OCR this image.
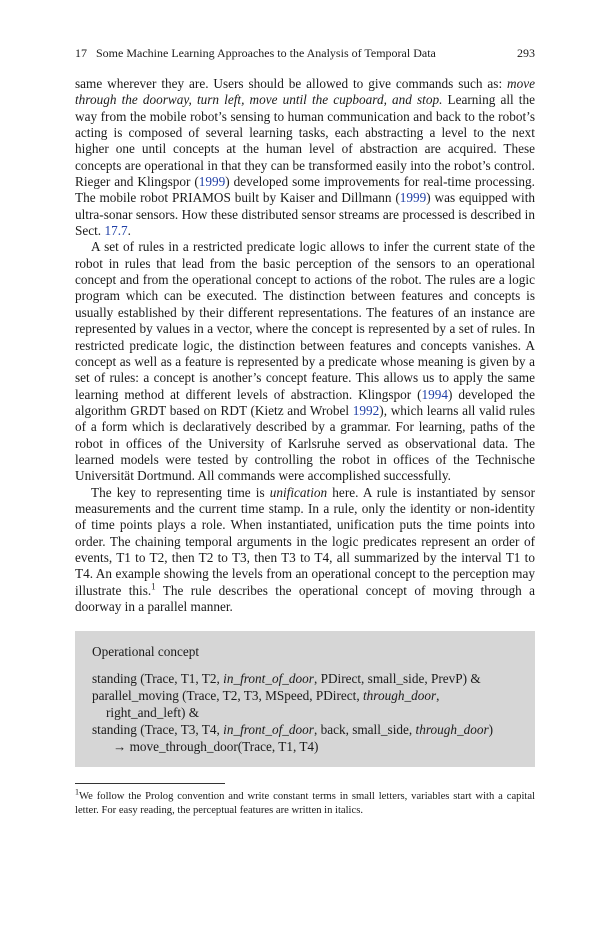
17 Some Machine Learning Approaches to the Analysis of Temporal Data	293

same wherever they are. Users should be allowed to give commands such as: move through the doorway, turn left, move until the cupboard, and stop. Learning all the way from the mobile robot’s sensing to human communication and back to the robot’s acting is composed of several learning tasks, each abstracting a level to the next higher one until concepts at the human level of abstraction are acquired. These concepts are operational in that they can be transformed easily into the robot’s control. Rieger and Klingspor (1999) developed some improvements for real-time processing. The mobile robot PRIAMOS built by Kaiser and Dillmann (1999) was equipped with ultra-sonar sensors. How these distributed sensor streams are processed is described in Sect. 17.7.

A set of rules in a restricted predicate logic allows to infer the current state of the robot in rules that lead from the basic perception of the sensors to an operational concept and from the operational concept to actions of the robot. The rules are a logic program which can be executed. The distinction between features and concepts is usually established by their different representations. The features of an instance are represented by values in a vector, where the concept is represented by a set of rules. In restricted predicate logic, the distinction between features and concepts vanishes. A concept as well as a feature is represented by a predicate whose meaning is given by a set of rules: a concept is another’s concept feature. This allows us to apply the same learning method at different levels of abstraction. Klingspor (1994) developed the algorithm GRDT based on RDT (Kietz and Wrobel 1992), which learns all valid rules of a form which is declaratively described by a grammar. For learning, paths of the robot in offices of the University of Karlsruhe served as observational data. The learned models were tested by controlling the robot in offices of the Technische Universität Dortmund. All commands were accomplished successfully.

The key to representing time is unification here. A rule is instantiated by sensor measurements and the current time stamp. In a rule, only the identity or non-identity of time points plays a role. When instantiated, unification puts the time points into order. The chaining temporal arguments in the logic predicates represent an order of events, T1 to T2, then T2 to T3, then T3 to T4, all summarized by the interval T1 to T4. An example showing the levels from an operational concept to the perception may illustrate this.$^1$ The rule describes the operational concept of moving through a doorway in a parallel manner.

Operational concept
standing (Trace, T1, T2, in_front_of_door, PDirect, small_side, PrevP) &
parallel_moving (Trace, T2, T3, MSpeed, PDirect, through_door,
right_and_left) &
standing (Trace, T3, T4, in_front_of_door, back, small_side, through_door)
→ move_through_door(Trace, T1, T4)
$^1$We follow the Prolog convention and write constant terms in small letters, variables start with a capital letter. For easy reading, the perceptual features are written in italics.
